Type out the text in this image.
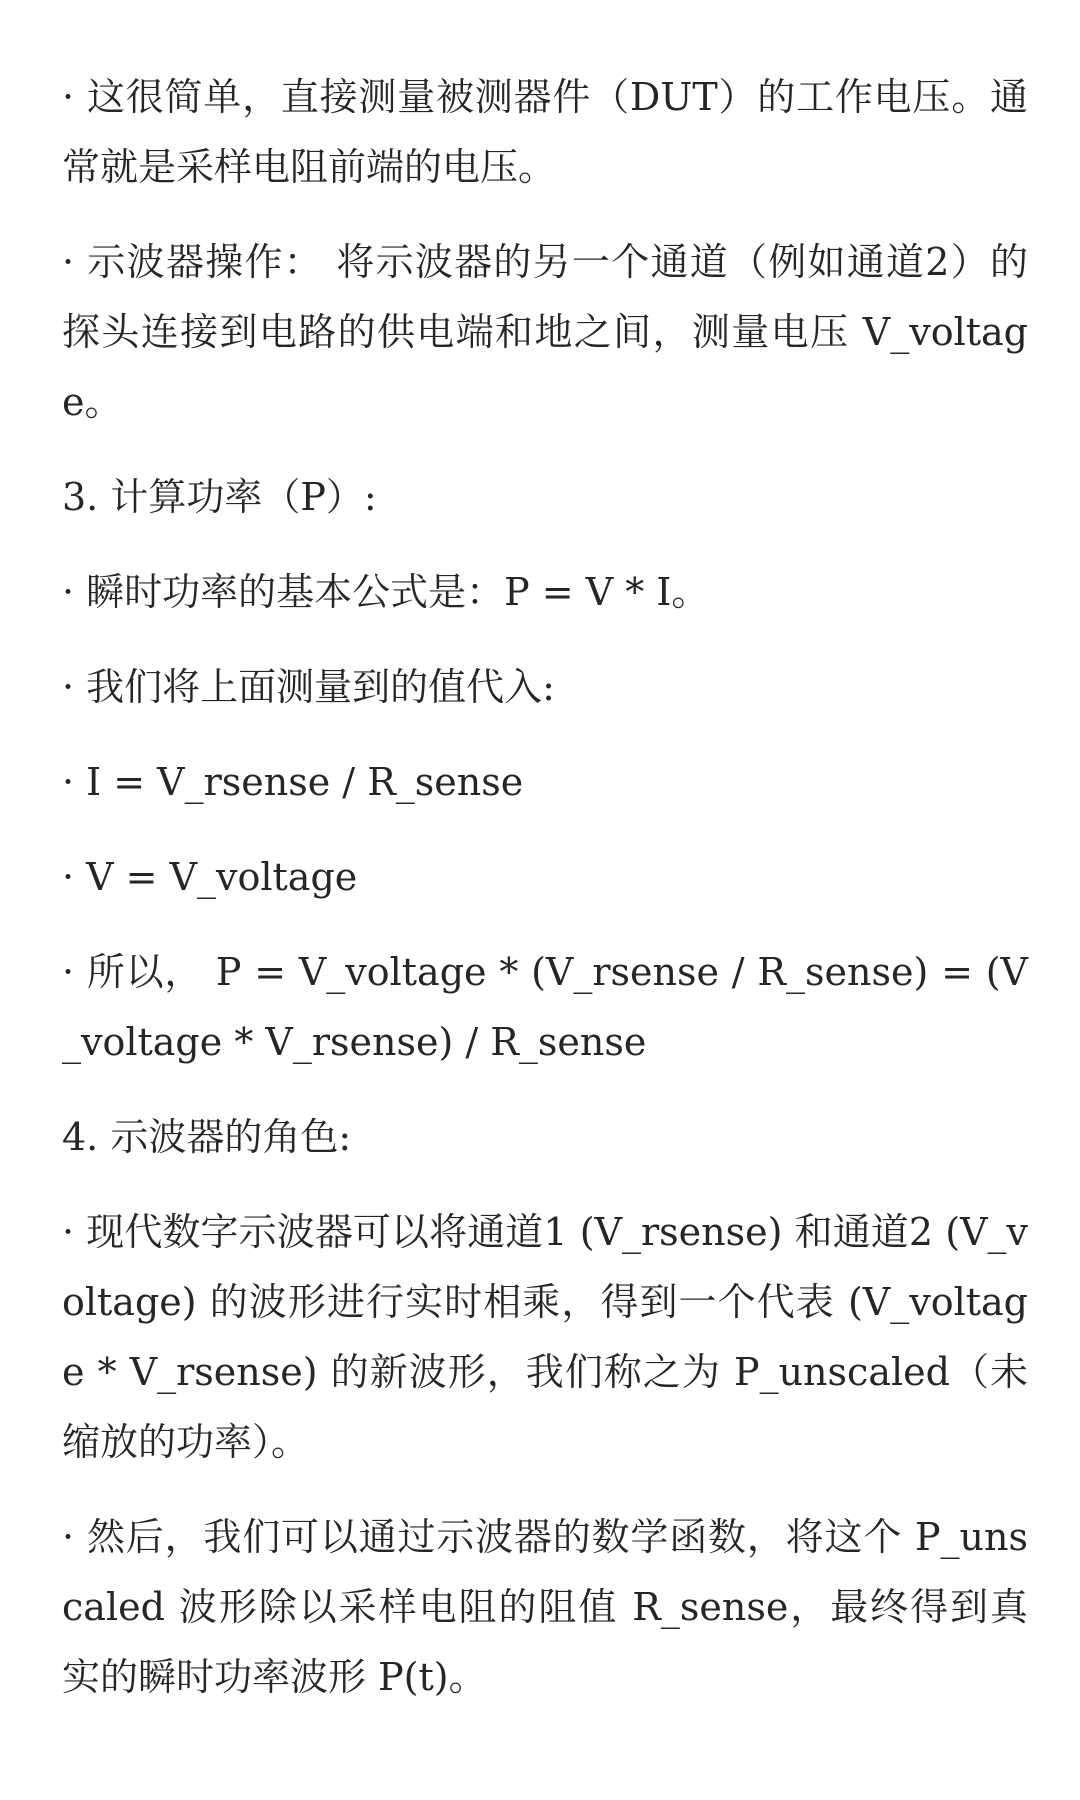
· 这很简单，直接测量被测器件（DUT）的工作电压。通常就是采样电阻前端的电压。

· 示波器操作： 将示波器的另一个通道（例如通道2）的探头连接到电路的供电端和地之间，测量电压 V_voltage。

3. 计算功率（P）:

· 瞬时功率的基本公式是：P = V * I。

· 我们将上面测量到的值代入:

· I = V_rsense / R_sense

· V = V_voltage

· 所以， P = V_voltage * (V_rsense / R_sense) = (V_voltage * V_rsense) / R_sense

4. 示波器的角色:

· 现代数字示波器可以将通道1 (V_rsense) 和通道2 (V_voltage) 的波形进行实时相乘，得到一个代表 (V_voltage * V_rsense) 的新波形，我们称之为 P_unscaled（未缩放的功率）。

· 然后，我们可以通过示波器的数学函数，将这个 P_unscaled 波形除以采样电阻的阻值 R_sense，最终得到真实的瞬时功率波形 P(t)。
